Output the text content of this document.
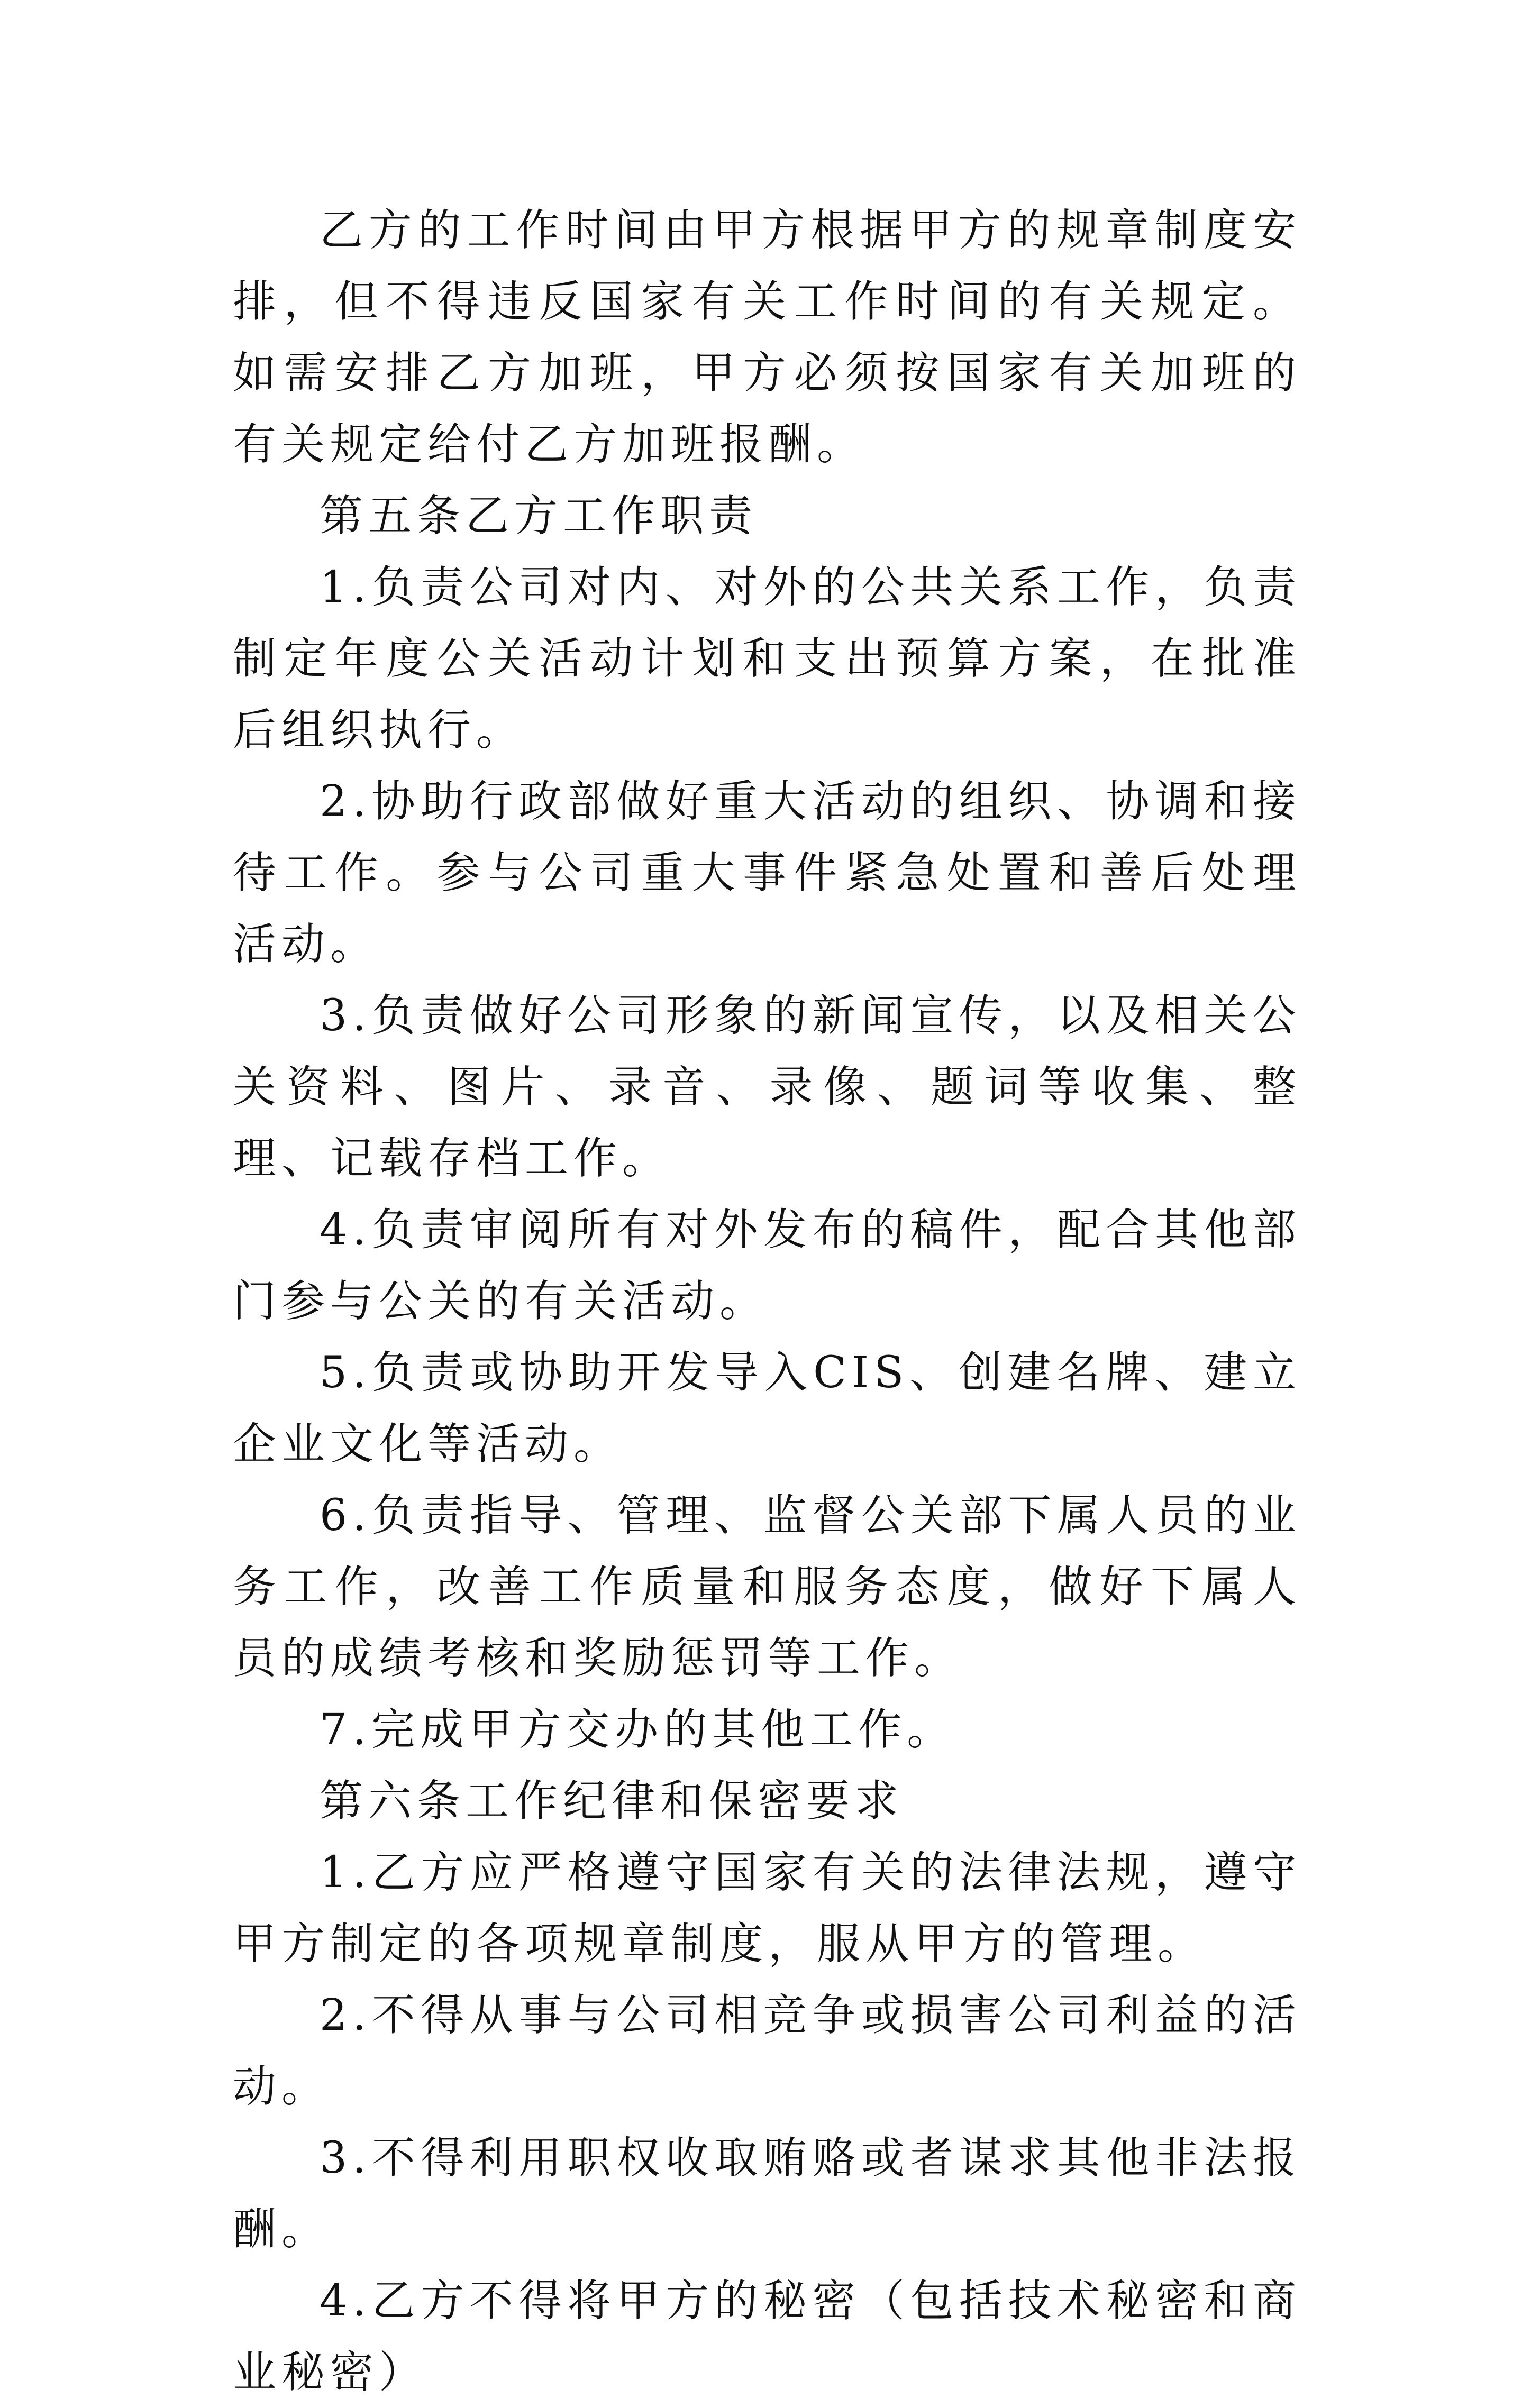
乙方的工作时间由甲方根据甲方的规章制度安排，但不得违反国家有关工作时间的有关规定。如需安排乙方加班，甲方必须按国家有关加班的有关规定给付乙方加班报酬。

第五条乙方工作职责

1.负责公司对内、对外的公共关系工作，负责制定年度公关活动计划和支出预算方案，在批准后组织执行。

2.协助行政部做好重大活动的组织、协调和接待工作。参与公司重大事件紧急处置和善后处理活动。

3.负责做好公司形象的新闻宣传，以及相关公关资料、图片、录音、录像、题词等收集、整理、记载存档工作。

4.负责审阅所有对外发布的稿件，配合其他部门参与公关的有关活动。

5.负责或协助开发导入CIS、创建名牌、建立企业文化等活动。

6.负责指导、管理、监督公关部下属人员的业务工作，改善工作质量和服务态度，做好下属人员的成绩考核和奖励惩罚等工作。

7.完成甲方交办的其他工作。

第六条工作纪律和保密要求

1.乙方应严格遵守国家有关的法律法规，遵守甲方制定的各项规章制度，服从甲方的管理。

2.不得从事与公司相竞争或损害公司利益的活动。

3.不得利用职权收取贿赂或者谋求其他非法报酬。

4.乙方不得将甲方的秘密（包括技术秘密和商业秘密）
